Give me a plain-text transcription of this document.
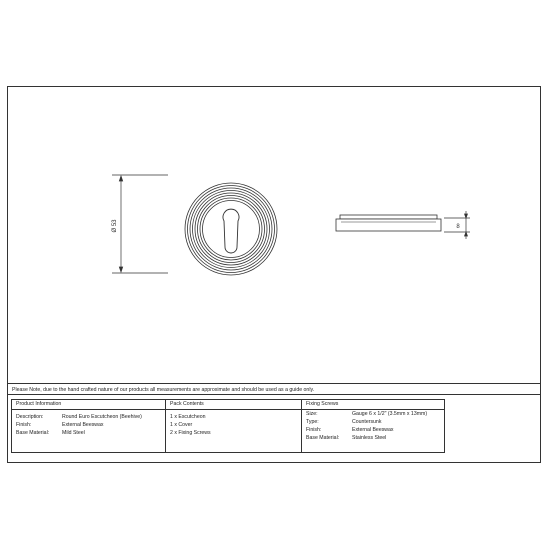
Ø 53	8
Please Note, due to the hand crafted nature of our products all measurements are approximate and should be used as a guide only.
Product Information
Description:	Round Euro Escutcheon (Beehive)
Finish:	External Beeswax
Base Material:	Mild Steel
Pack Contents
1 x Escutcheon
1 x Cover
2 x Fixing Screws
Fixing Screws
Size:	Gauge 6 x 1/2" (3.5mm x 13mm)
Type:	Countersunk
Finish:	External Beeswax
Base Material:	Stainless Steel
